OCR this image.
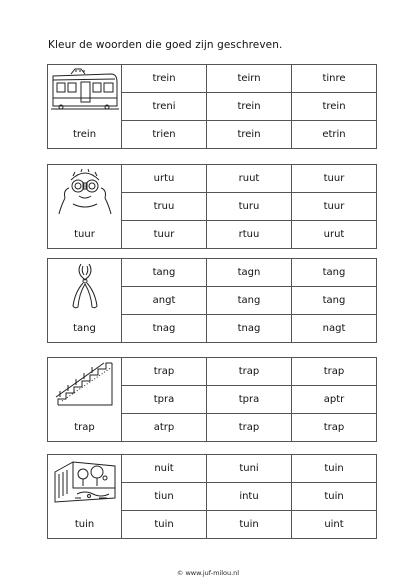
Kleur de woorden die goed zijn geschreven.
	trein	teirn	tinre
	treni	trein	trein
trein	trien	trein	etrin
	urtu	ruut	tuur
	truu	turu	tuur
tuur	tuur	rtuu	urut
	tang	tagn	tang
	angt	tang	tang
tang	tnag	tnag	nagt
	trap	trap	trap
	tpra	tpra	aptr
trap	atrp	trap	trap
	nuit	tuni	tuin
	tiun	intu	tuin
tuin	tuin	tuin	uint
© www.juf-milou.nl
